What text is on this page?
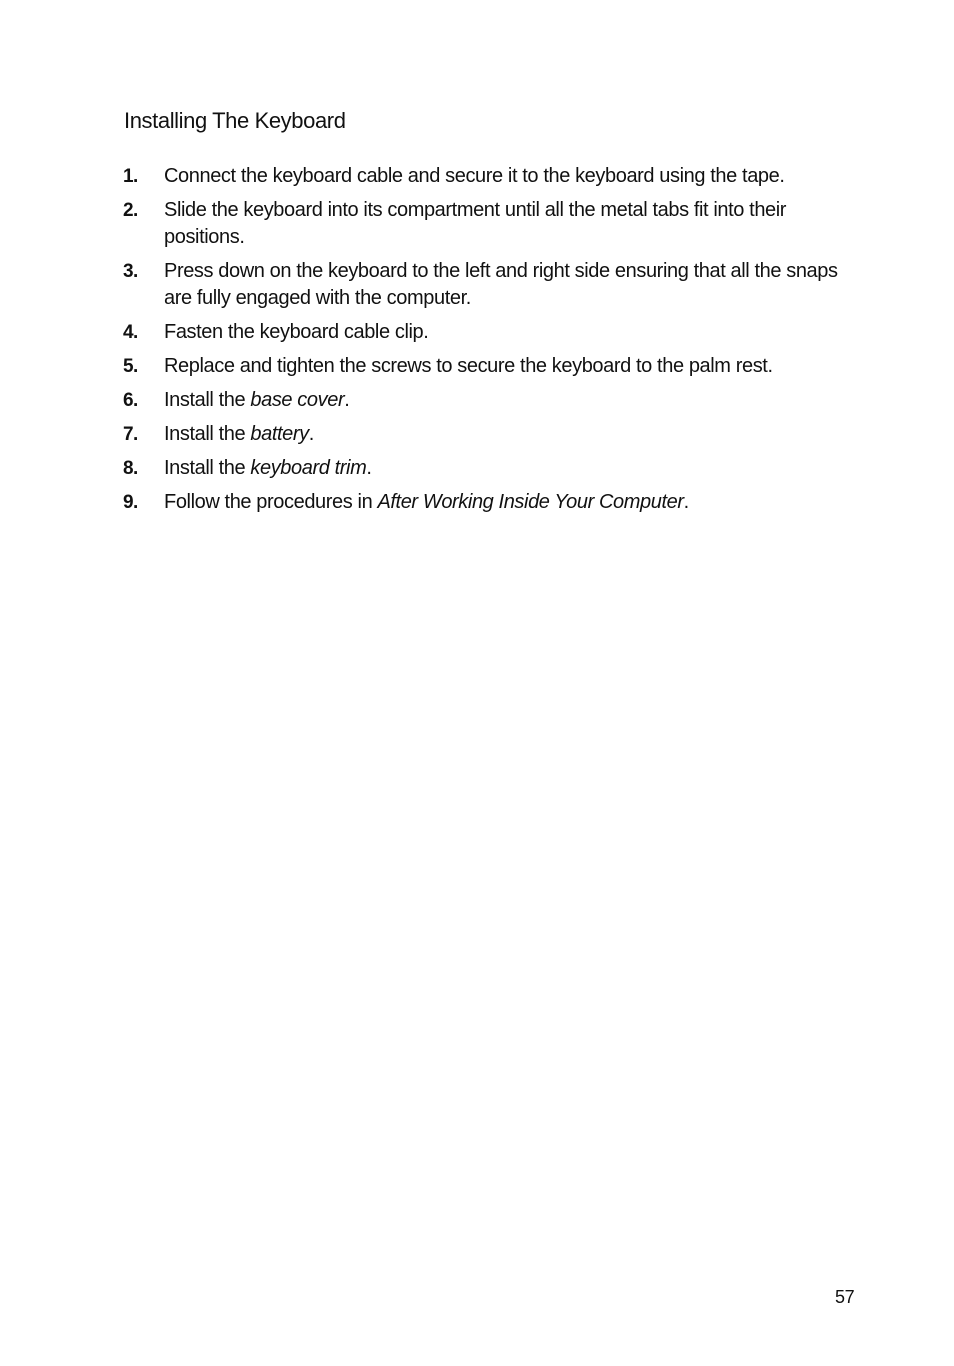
Installing The Keyboard
1. Connect the keyboard cable and secure it to the keyboard using the tape.
2. Slide the keyboard into its compartment until all the metal tabs fit into their positions.
3. Press down on the keyboard to the left and right side ensuring that all the snaps are fully engaged with the computer.
4. Fasten the keyboard cable clip.
5. Replace and tighten the screws to secure the keyboard to the palm rest.
6. Install the base cover.
7. Install the battery.
8. Install the keyboard trim.
9. Follow the procedures in After Working Inside Your Computer.
57
